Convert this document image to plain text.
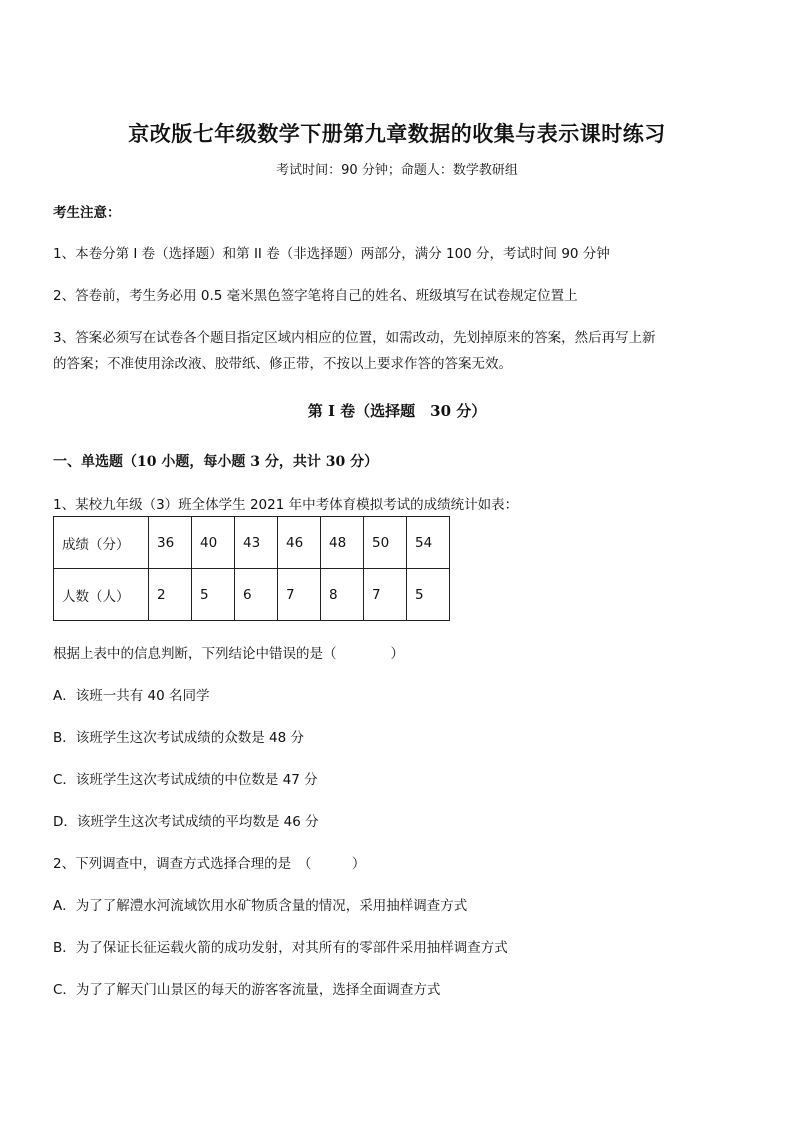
京改版七年级数学下册第九章数据的收集与表示课时练习
考试时间：90 分钟；命题人：数学教研组
考生注意：
1、本卷分第 I 卷（选择题）和第 II 卷（非选择题）两部分，满分 100 分，考试时间 90 分钟
2、答卷前，考生务必用 0.5 毫米黑色签字笔将自己的姓名、班级填写在试卷规定位置上
3、答案必须写在试卷各个题目指定区域内相应的位置，如需改动，先划掉原来的答案，然后再写上新
的答案；不准使用涂改液、胶带纸、修正带，不按以上要求作答的答案无效。
第 I 卷（选择题　30 分）
一、单选题（10 小题，每小题 3 分，共计 30 分）
1、某校九年级（3）班全体学生 2021 年中考体育模拟考试的成绩统计如表：
成绩（分）	36	40	43	46	48	50	54
人数（人）	2	5	6	7	8	7	5
根据上表中的信息判断，下列结论中错误的是（　　　　）
A．该班一共有 40 名同学
B．该班学生这次考试成绩的众数是 48 分
C．该班学生这次考试成绩的中位数是 47 分
D．该班学生这次考试成绩的平均数是 46 分
2、下列调查中，调查方式选择合理的是　（　　　）
A．为了了解澧水河流域饮用水矿物质含量的情况，采用抽样调查方式
B．为了保证长征运载火箭的成功发射，对其所有的零部件采用抽样调查方式
C．为了了解天门山景区的每天的游客客流量，选择全面调查方式
